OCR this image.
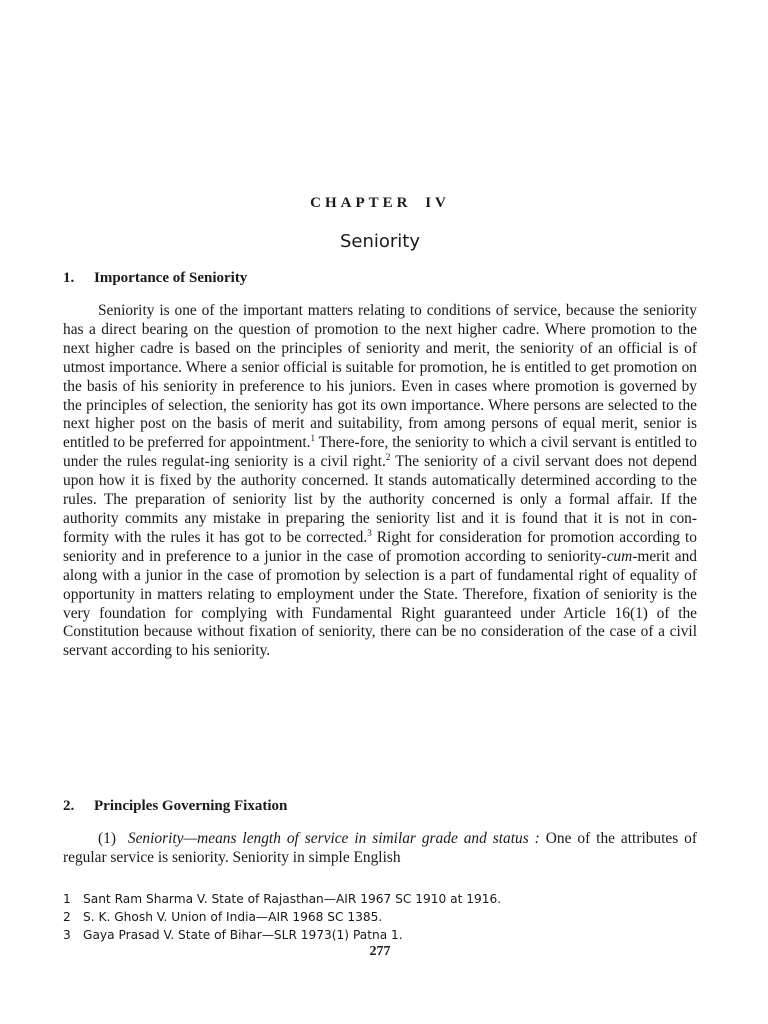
CHAPTER IV
Seniority
1. Importance of Seniority

Seniority is one of the important matters relating to conditions of service, because the seniority has a direct bearing on the question of promotion to the next higher cadre. Where promotion to the next higher cadre is based on the principles of seniority and merit, the seniority of an official is of utmost importance. Where a senior official is suitable for promotion, he is entitled to get promotion on the basis of his seniority in preference to his juniors. Even in cases where promotion is governed by the principles of selection, the seniority has got its own importance. Where persons are selected to the next higher post on the basis of merit and suitability, from among persons of equal merit, senior is entitled to be preferred for appointment.$^1$ There-fore, the seniority to which a civil servant is entitled to under the rules regulat-ing seniority is a civil right.$^2$ The seniority of a civil servant does not depend upon how it is fixed by the authority concerned. It stands automatically determined according to the rules. The preparation of seniority list by the authority concerned is only a formal affair. If the authority commits any mistake in preparing the seniority list and it is found that it is not in con-formity with the rules it has got to be corrected.$^3$ Right for consideration for promotion according to seniority and in preference to a junior in the case of promotion according to seniority-cum-merit and along with a junior in the case of promotion by selection is a part of fundamental right of equality of opportunity in matters relating to employment under the State. Therefore, fixation of seniority is the very foundation for complying with Fundamental Right guaranteed under Article 16(1) of the Constitution because without fixation of seniority, there can be no consideration of the case of a civil servant according to his seniority.

2. Principles Governing Fixation

(1) Seniority—means length of service in similar grade and status : One of the attributes of regular service is seniority. Seniority in simple English

1 Sant Ram Sharma V. State of Rajasthan—AIR 1967 SC 1910 at 1916.
2 S. K. Ghosh V. Union of India—AIR 1968 SC 1385.
3 Gaya Prasad V. State of Bihar—SLR 1973(1) Patna 1.
277
